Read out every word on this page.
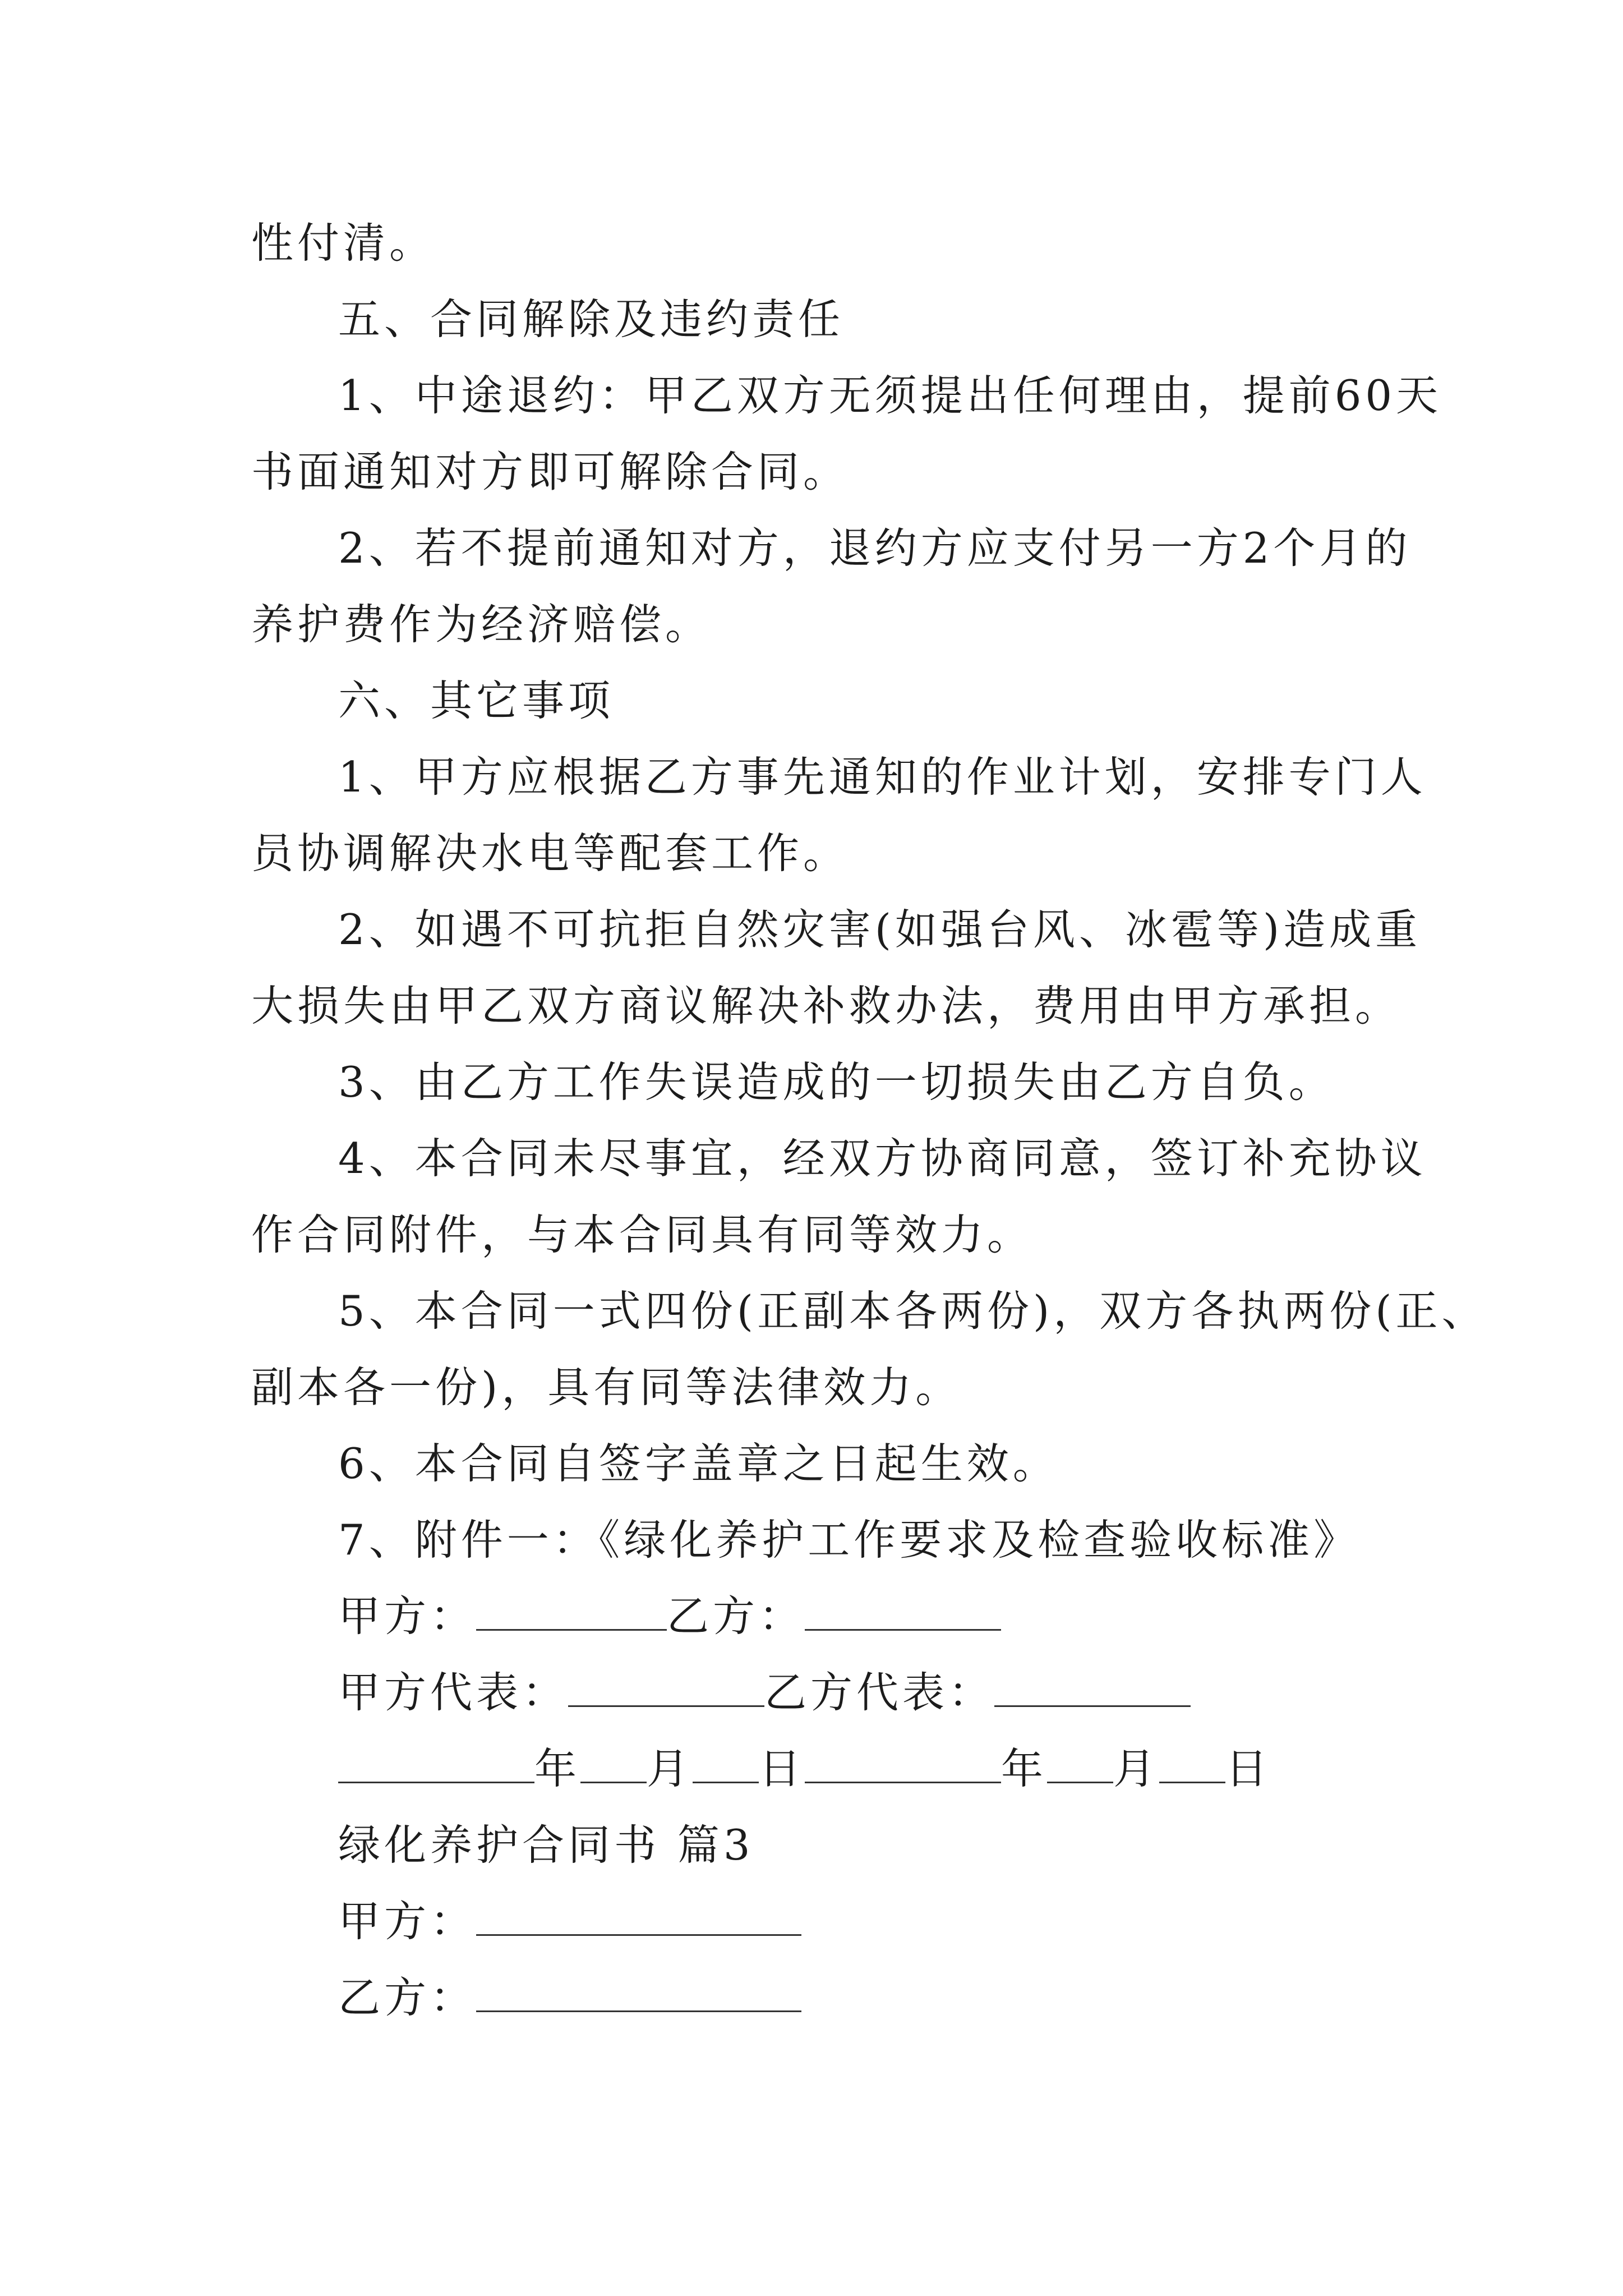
性付清。
五、合同解除及违约责任
1、中途退约：甲乙双方无须提出任何理由，提前60天
书面通知对方即可解除合同。
2、若不提前通知对方，退约方应支付另一方2个月的
养护费作为经济赔偿。
六、其它事项
1、甲方应根据乙方事先通知的作业计划，安排专门人
员协调解决水电等配套工作。
2、如遇不可抗拒自然灾害(如强台风、冰雹等)造成重
大损失由甲乙双方商议解决补救办法，费用由甲方承担。
3、由乙方工作失误造成的一切损失由乙方自负。
4、本合同未尽事宜，经双方协商同意，签订补充协议
作合同附件，与本合同具有同等效力。
5、本合同一式四份(正副本各两份)，双方各执两份(正、
副本各一份)，具有同等法律效力。
6、本合同自签字盖章之日起生效。
7、附件一：《绿化养护工作要求及检查验收标准》
甲方：	乙方：
甲方代表：	乙方代表：
年 月 日	年 月 日
绿化养护合同书 篇3
甲方：
乙方：
